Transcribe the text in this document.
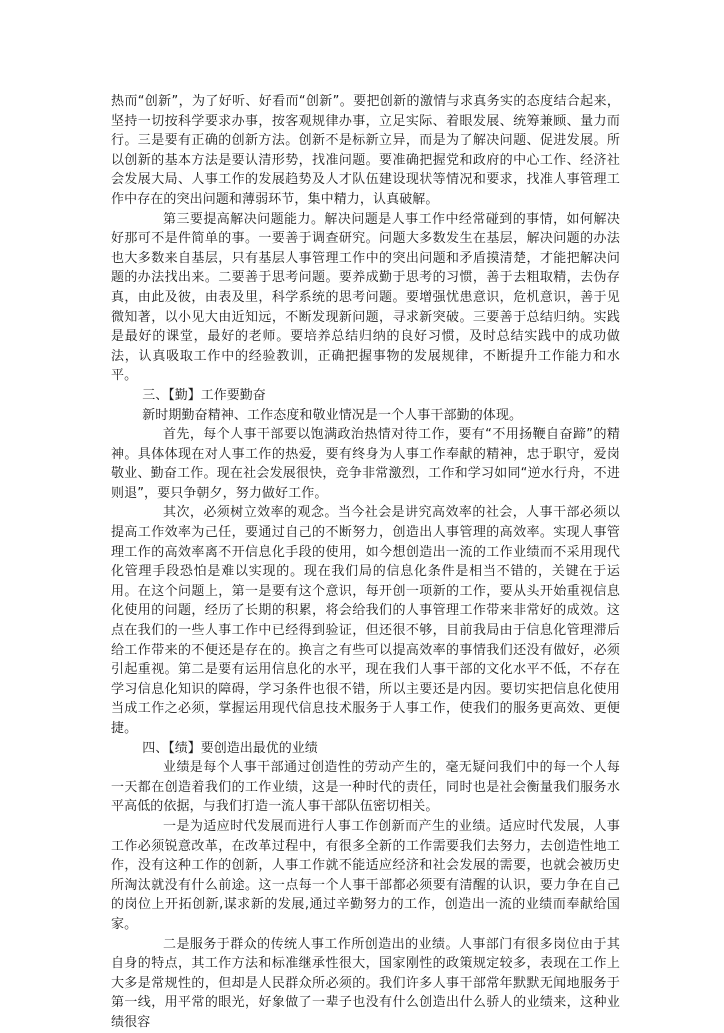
热而“创新”，为了好听、好看而“创新”。要把创新的激情与求真务实的态度结合起来，坚持一切按科学要求办事，按客观规律办事，立足实际、着眼发展、统筹兼顾、量力而行。三是要有正确的创新方法。创新不是标新立异，而是为了解决问题、促进发展。所以创新的基本方法是要认清形势，找准问题。要准确把握党和政府的中心工作、经济社会发展大局、人事工作的发展趋势及人才队伍建设现状等情况和要求，找准人事管理工作中存在的突出问题和薄弱环节，集中精力，认真破解。

第三要提高解决问题能力。解决问题是人事工作中经常碰到的事情，如何解决好那可不是件简单的事。一要善于调查研究。问题大多数发生在基层，解决问题的办法也大多数来自基层，只有基层人事管理工作中的突出问题和矛盾摸清楚，才能把解决问题的办法找出来。二要善于思考问题。要养成勤于思考的习惯，善于去粗取精，去伪存真，由此及彼，由表及里，科学系统的思考问题。要增强忧患意识，危机意识，善于见微知著，以小见大由近知远，不断发现新问题，寻求新突破。三要善于总结归纳。实践是最好的课堂，最好的老师。要培养总结归纳的良好习惯，及时总结实践中的成功做法，认真吸取工作中的经验教训，正确把握事物的发展规律，不断提升工作能力和水平。

三、【勤】工作要勤奋

新时期勤奋精神、工作态度和敬业情况是一个人事干部勤的体现。

首先，每个人事干部要以饱满政治热情对待工作，要有“不用扬鞭自奋蹄”的精神。具体体现在对人事工作的热爱，要有终身为人事工作奉献的精神，忠于职守，爱岗敬业、勤奋工作。现在社会发展很快，竞争非常激烈，工作和学习如同“逆水行舟，不进则退”，要只争朝夕，努力做好工作。

其次，必须树立效率的观念。当今社会是讲究高效率的社会，人事干部必须以提高工作效率为己任，要通过自己的不断努力，创造出人事管理的高效率。实现人事管理工作的高效率离不开信息化手段的使用，如今想创造出一流的工作业绩而不采用现代化管理手段恐怕是难以实现的。现在我们局的信息化条件是相当不错的，关键在于运用。在这个问题上，第一是要有这个意识，每开创一项新的工作，要从头开始重视信息化使用的问题，经历了长期的积累，将会给我们的人事管理工作带来非常好的成效。这点在我们的一些人事工作中已经得到验证，但还很不够，目前我局由于信息化管理滞后给工作带来的不便还是存在的。换言之有些可以提高效率的事情我们还没有做好，必须引起重视。第二是要有运用信息化的水平，现在我们人事干部的文化水平不低，不存在学习信息化知识的障碍，学习条件也很不错，所以主要还是内因。要切实把信息化使用当成工作之必须，掌握运用现代信息技术服务于人事工作，使我们的服务更高效、更便捷。

四、【绩】要创造出最优的业绩

业绩是每个人事干部通过创造性的劳动产生的，毫无疑问我们中的每一个人每一天都在创造着我们的工作业绩，这是一种时代的责任，同时也是社会衡量我们服务水平高低的依据，与我们打造一流人事干部队伍密切相关。

一是为适应时代发展而进行人事工作创新而产生的业绩。适应时代发展，人事工作必须锐意改革，在改革过程中，有很多全新的工作需要我们去努力，去创造性地工作，没有这种工作的创新，人事工作就不能适应经济和社会发展的需要，也就会被历史所淘汰就没有什么前途。这一点每一个人事干部都必须要有清醒的认识，要力争在自己的岗位上开拓创新,谋求新的发展,通过辛勤努力的工作，创造出一流的业绩而奉献给国家。

二是服务于群众的传统人事工作所创造出的业绩。人事部门有很多岗位由于其自身的特点，其工作方法和标准继承性很大，国家刚性的政策规定较多，表现在工作上大多是常规性的，但却是人民群众所必须的。我们许多人事干部常年默默无闻地服务于第一线，用平常的眼光，好象做了一辈子也没有什么创造出什么骄人的业绩来，这种业绩很容
